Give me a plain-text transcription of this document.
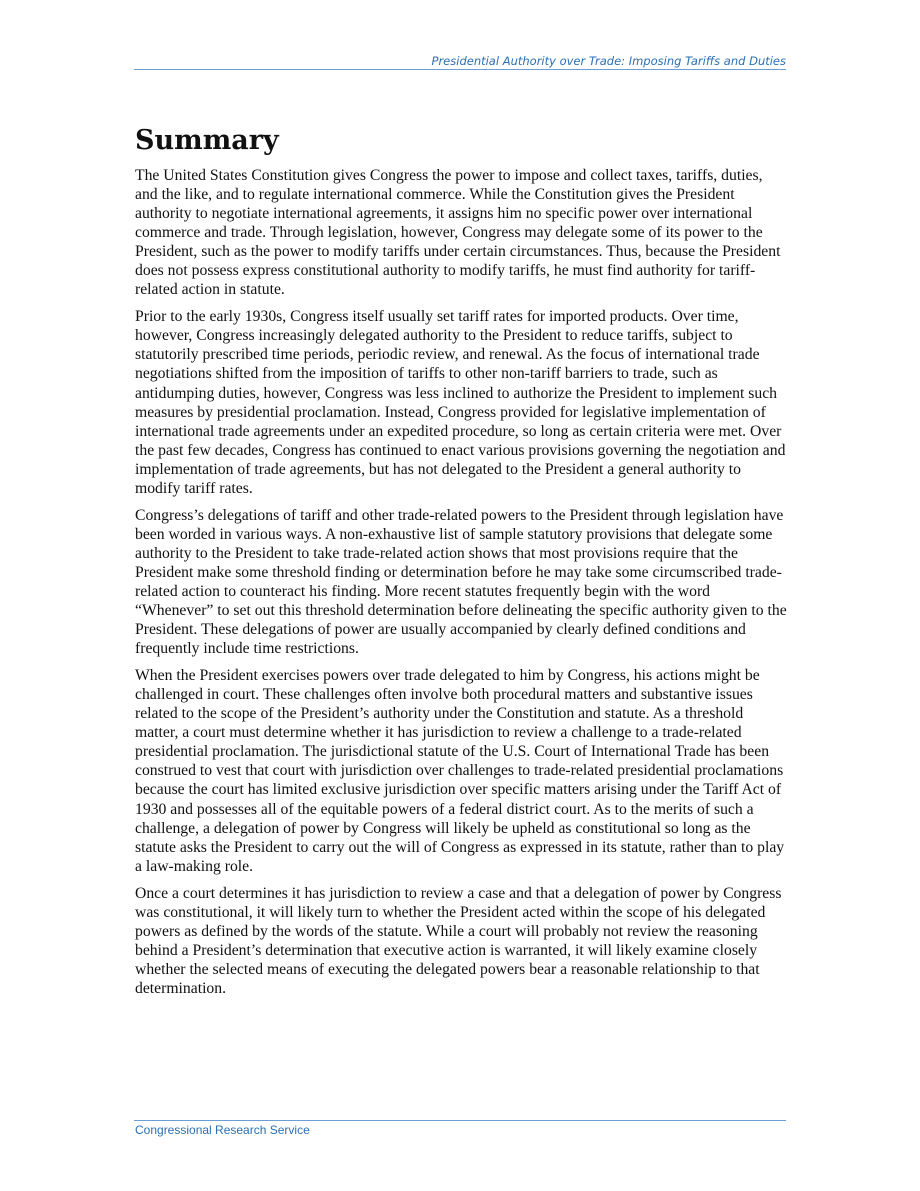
Presidential Authority over Trade: Imposing Tariffs and Duties
Summary

The United States Constitution gives Congress the power to impose and collect taxes, tariffs, duties, and the like, and to regulate international commerce. While the Constitution gives the President authority to negotiate international agreements, it assigns him no specific power over international commerce and trade. Through legislation, however, Congress may delegate some of its power to the President, such as the power to modify tariffs under certain circumstances. Thus, because the President does not possess express constitutional authority to modify tariffs, he must find authority for tariff-related action in statute.

Prior to the early 1930s, Congress itself usually set tariff rates for imported products. Over time, however, Congress increasingly delegated authority to the President to reduce tariffs, subject to statutorily prescribed time periods, periodic review, and renewal. As the focus of international trade negotiations shifted from the imposition of tariffs to other non-tariff barriers to trade, such as antidumping duties, however, Congress was less inclined to authorize the President to implement such measures by presidential proclamation. Instead, Congress provided for legislative implementation of international trade agreements under an expedited procedure, so long as certain criteria were met. Over the past few decades, Congress has continued to enact various provisions governing the negotiation and implementation of trade agreements, but has not delegated to the President a general authority to modify tariff rates.

Congress’s delegations of tariff and other trade-related powers to the President through legislation have been worded in various ways. A non-exhaustive list of sample statutory provisions that delegate some authority to the President to take trade-related action shows that most provisions require that the President make some threshold finding or determination before he may take some circumscribed trade-related action to counteract his finding. More recent statutes frequently begin with the word “Whenever” to set out this threshold determination before delineating the specific authority given to the President. These delegations of power are usually accompanied by clearly defined conditions and frequently include time restrictions.

When the President exercises powers over trade delegated to him by Congress, his actions might be challenged in court. These challenges often involve both procedural matters and substantive issues related to the scope of the President’s authority under the Constitution and statute. As a threshold matter, a court must determine whether it has jurisdiction to review a challenge to a trade-related presidential proclamation. The jurisdictional statute of the U.S. Court of International Trade has been construed to vest that court with jurisdiction over challenges to trade-related presidential proclamations because the court has limited exclusive jurisdiction over specific matters arising under the Tariff Act of 1930 and possesses all of the equitable powers of a federal district court. As to the merits of such a challenge, a delegation of power by Congress will likely be upheld as constitutional so long as the statute asks the President to carry out the will of Congress as expressed in its statute, rather than to play a law-making role.

Once a court determines it has jurisdiction to review a case and that a delegation of power by Congress was constitutional, it will likely turn to whether the President acted within the scope of his delegated powers as defined by the words of the statute. While a court will probably not review the reasoning behind a President’s determination that executive action is warranted, it will likely examine closely whether the selected means of executing the delegated powers bear a reasonable relationship to that determination.

Congressional Research Service
